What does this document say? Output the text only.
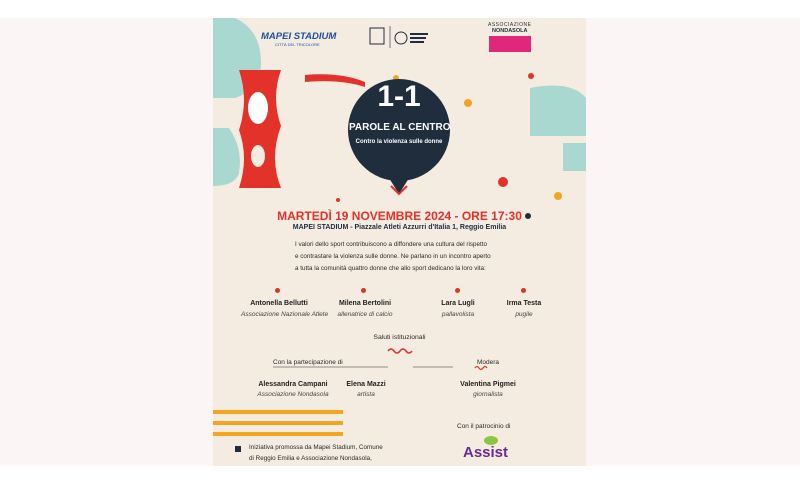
MAPEI STADIUM
CITTÀ DEL TRICOLORE
ASSOCIAZIONE
NONDASOLA
1-1
PAROLE AL CENTRO
Contro la violenza sulle donne
MARTEDÌ 19 NOVEMBRE 2024 - ORE 17:30
MAPEI STADIUM - Piazzale Atleti Azzurri d'Italia 1, Reggio Emilia
I valori dello sport contribuiscono a diffondere una cultura del rispetto
e contrastare la violenza sulle donne. Ne parlano in un incontro aperto
a tutta la comunità quattro donne che allo sport dedicano la loro vita:
Antonella Bellutti
Associazione Nazionale Atlete
Milena Bertolini
allenatrice di calcio
Lara Lugli
pallavolista
Irma Testa
pugile
Saluti istituzionali
Con la partecipazione di
Alessandra Campani
Associazione Nondasola
Elena Mazzi
artista
Modera
Valentina Pigmei
giornalista
Iniziativa promossa da Mapei Stadium, Comune
di Reggio Emilia e Associazione Nondasola,
Con il patrocinio di
Assist
